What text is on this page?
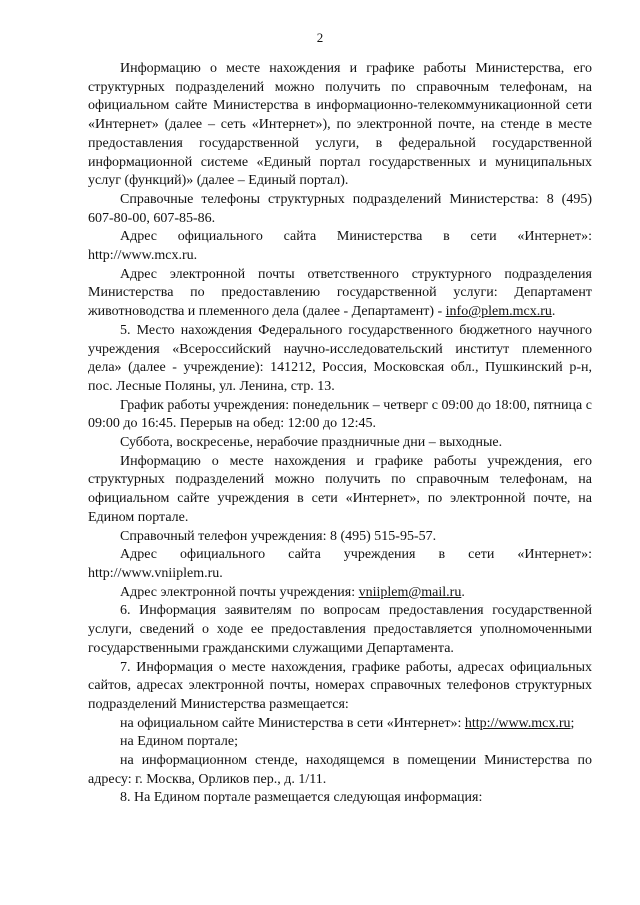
2

Информацию о месте нахождения и графике работы Министерства, его структурных подразделений можно получить по справочным телефонам, на официальном сайте Министерства в информационно-телекоммуникационной сети «Интернет» (далее – сеть «Интернет»), по электронной почте, на стенде в месте предоставления государственной услуги, в федеральной государственной информационной системе «Единый портал государственных и муниципальных услуг (функций)» (далее – Единый портал).

Справочные телефоны структурных подразделений Министерства: 8 (495) 607-80-00, 607-85-86.

Адрес официального сайта Министерства в сети «Интернет»: http://www.mcx.ru.

Адрес электронной почты ответственного структурного подразделения Министерства по предоставлению государственной услуги: Департамент животноводства и племенного дела (далее - Департамент) - info@plem.mcx.ru.

5. Место нахождения Федерального государственного бюджетного научного учреждения «Всероссийский научно-исследовательский институт племенного дела» (далее - учреждение): 141212, Россия, Московская обл., Пушкинский р-н, пос. Лесные Поляны, ул. Ленина, стр. 13.

График работы учреждения: понедельник – четверг с 09:00 до 18:00, пятница с 09:00 до 16:45. Перерыв на обед: 12:00 до 12:45.

Суббота, воскресенье, нерабочие праздничные дни – выходные.

Информацию о месте нахождения и графике работы учреждения, его структурных подразделений можно получить по справочным телефонам, на официальном сайте учреждения в сети «Интернет», по электронной почте, на Едином портале.

Справочный телефон учреждения: 8 (495) 515-95-57.

Адрес официального сайта учреждения в сети «Интернет»: http://www.vniiplem.ru.

Адрес электронной почты учреждения: vniiplem@mail.ru.

6. Информация заявителям по вопросам предоставления государственной услуги, сведений о ходе ее предоставления предоставляется уполномоченными государственными гражданскими служащими Департамента.

7. Информация о месте нахождения, графике работы, адресах официальных сайтов, адресах электронной почты, номерах справочных телефонов структурных подразделений Министерства размещается:

на официальном сайте Министерства в сети «Интернет»: http://www.mcx.ru;

на Едином портале;

на информационном стенде, находящемся в помещении Министерства по адресу: г. Москва, Орликов пер., д. 1/11.

8. На Едином портале размещается следующая информация:
